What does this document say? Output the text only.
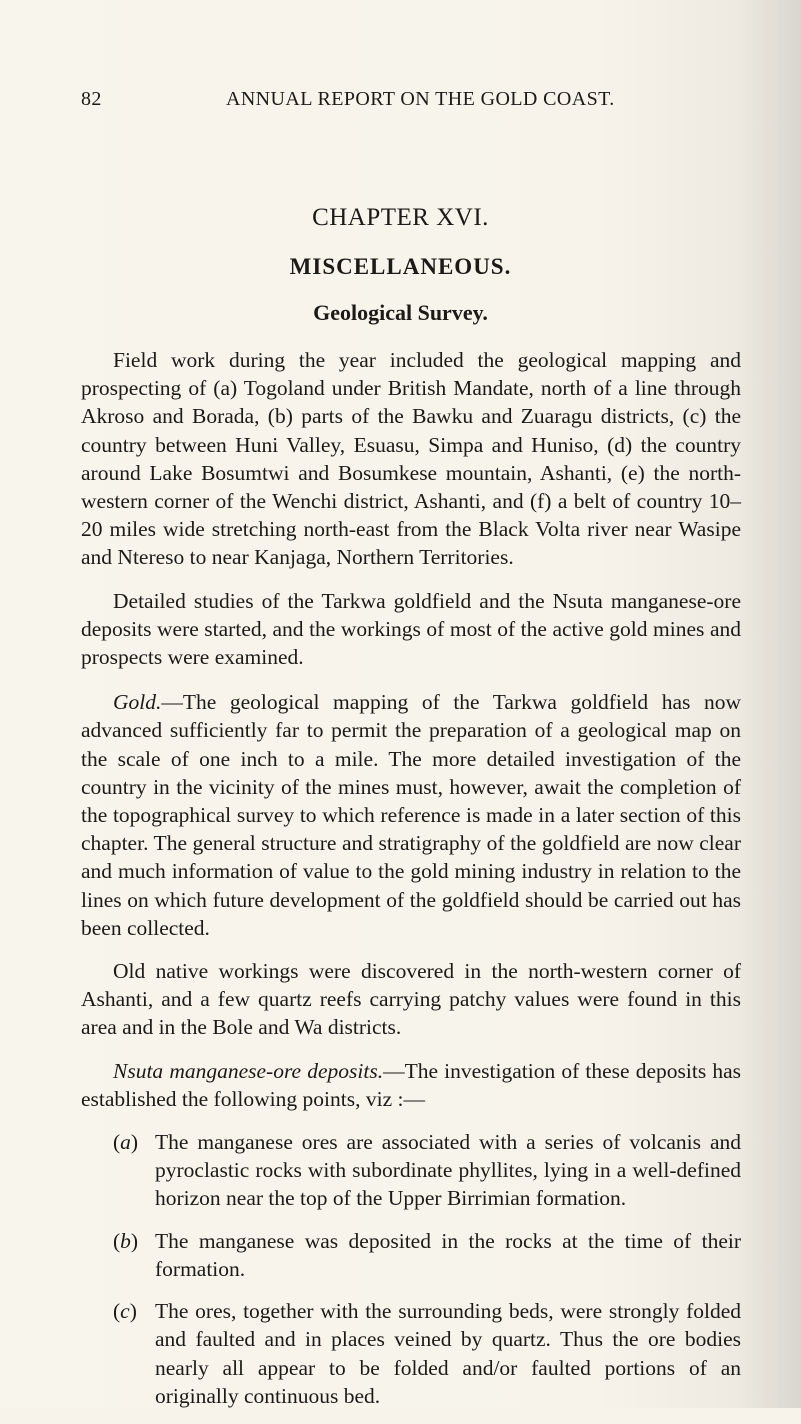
82	ANNUAL REPORT ON THE GOLD COAST.
CHAPTER XVI.
MISCELLANEOUS.
Geological Survey.

Field work during the year included the geological mapping and prospecting of (a) Togoland under British Mandate, north of a line through Akroso and Borada, (b) parts of the Bawku and Zuaragu districts, (c) the country between Huni Valley, Esuasu, Simpa and Huniso, (d) the country around Lake Bosumtwi and Bosumkese mountain, Ashanti, (e) the north-western corner of the Wenchi district, Ashanti, and (f) a belt of country 10–20 miles wide stretching north-east from the Black Volta river near Wasipe and Ntereso to near Kanjaga, Northern Territories.

Detailed studies of the Tarkwa goldfield and the Nsuta manganese-ore deposits were started, and the workings of most of the active gold mines and prospects were examined.

Gold.—The geological mapping of the Tarkwa goldfield has now advanced sufficiently far to permit the preparation of a geological map on the scale of one inch to a mile. The more detailed investigation of the country in the vicinity of the mines must, however, await the completion of the topographical survey to which reference is made in a later section of this chapter. The general structure and stratigraphy of the goldfield are now clear and much information of value to the gold mining industry in relation to the lines on which future development of the goldfield should be carried out has been collected.

Old native workings were discovered in the north-western corner of Ashanti, and a few quartz reefs carrying patchy values were found in this area and in the Bole and Wa districts.

Nsuta manganese-ore deposits.—The investigation of these deposits has established the following points, viz :—

(a) The manganese ores are associated with a series of volcanis and pyroclastic rocks with subordinate phyllites, lying in a well-defined horizon near the top of the Upper Birrimian formation.
(b) The manganese was deposited in the rocks at the time of their formation.
(c) The ores, together with the surrounding beds, were strongly folded and faulted and in places veined by quartz. Thus the ore bodies nearly all appear to be folded and/or faulted portions of an originally continuous bed.
